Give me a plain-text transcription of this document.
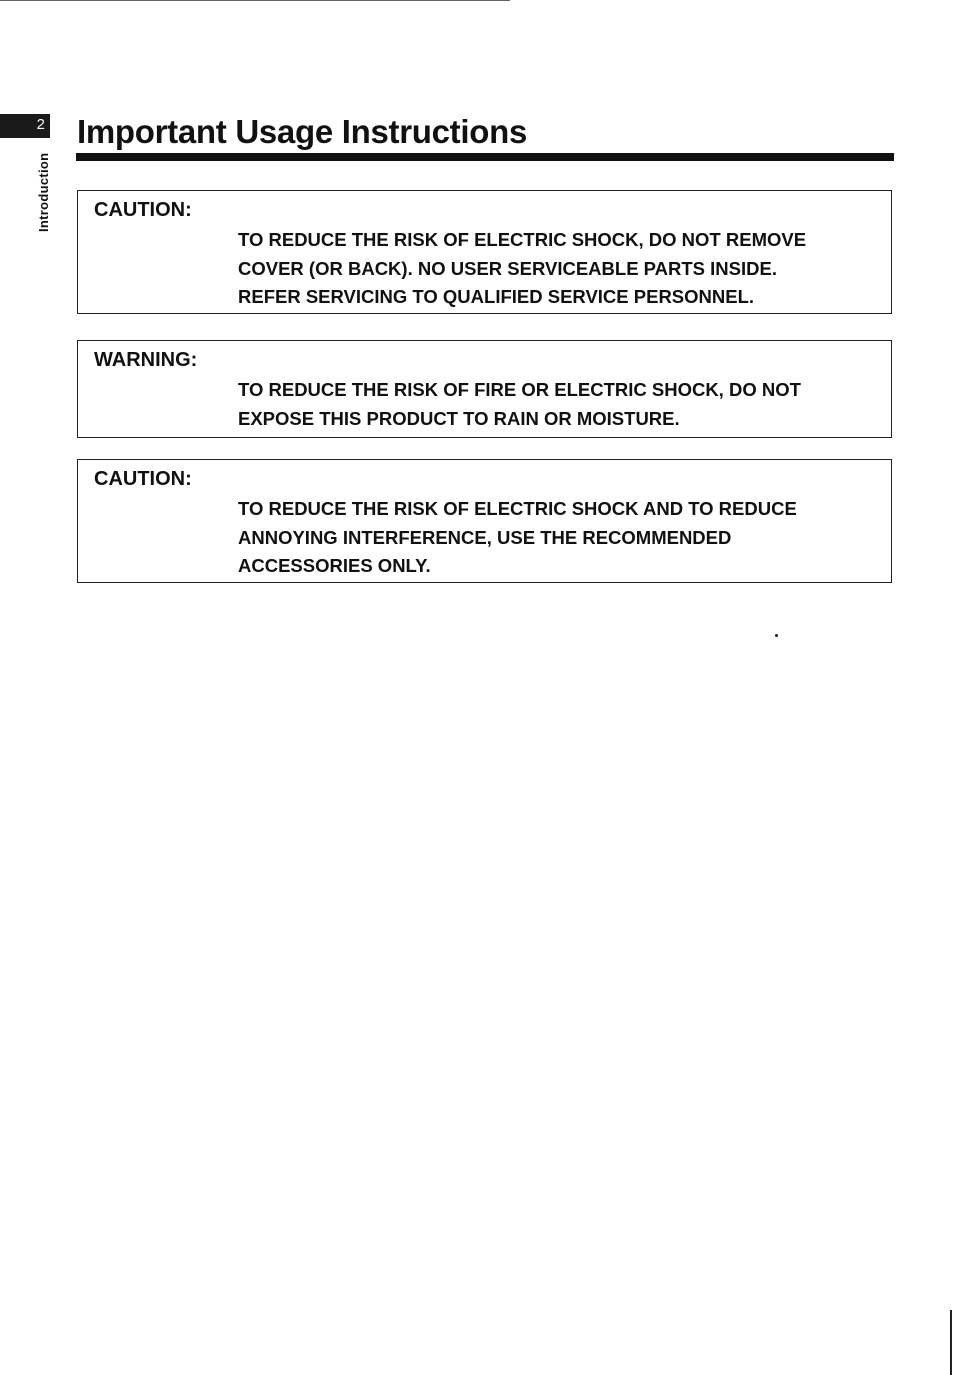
2
Introduction
Important Usage Instructions
CAUTION:
TO REDUCE THE RISK OF ELECTRIC SHOCK, DO NOT REMOVE
COVER (OR BACK). NO USER SERVICEABLE PARTS INSIDE.
REFER SERVICING TO QUALIFIED SERVICE PERSONNEL.
WARNING:
TO REDUCE THE RISK OF FIRE OR ELECTRIC SHOCK, DO NOT
EXPOSE THIS PRODUCT TO RAIN OR MOISTURE.
CAUTION:
TO REDUCE THE RISK OF ELECTRIC SHOCK AND TO REDUCE
ANNOYING INTERFERENCE, USE THE RECOMMENDED
ACCESSORIES ONLY.
